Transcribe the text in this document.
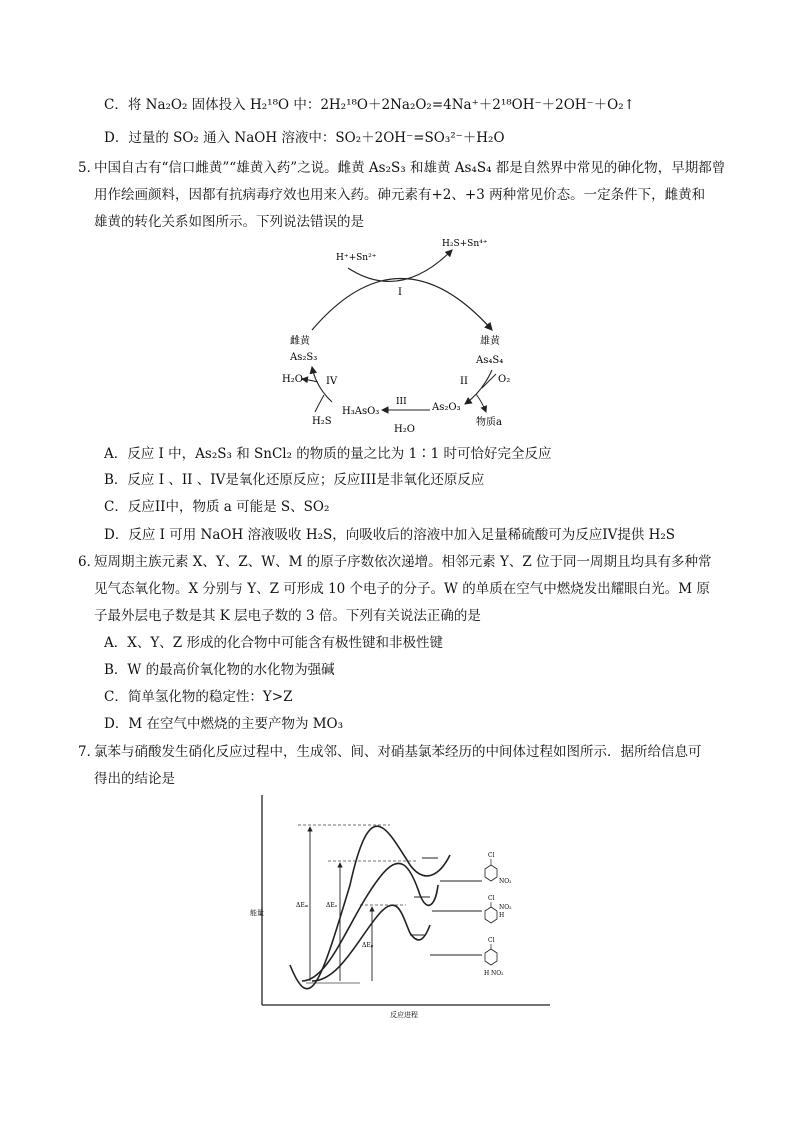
C．将 Na₂O₂ 固体投入 H₂¹⁸O 中：2H₂¹⁸O＋2Na₂O₂=4Na⁺＋2¹⁸OH⁻＋2OH⁻＋O₂↑
D．过量的 SO₂ 通入 NaOH 溶液中：SO₂＋2OH⁻=SO₃²⁻＋H₂O
5．
中国自古有“信口雌黄”“雄黄入药”之说。雌黄 As₂S₃ 和雄黄 As₄S₄ 都是自然界中常见的砷化物，早期都曾
用作绘画颜料，因都有抗病毒疗效也用来入药。砷元素有+2、+3 两种常见价态。一定条件下，雌黄和
雄黄的转化关系如图所示。下列说法错误的是
H⁺+Sn²⁺
H₂S+Sn⁴⁺
I
雌黄
As₂S₃
雄黄
As₄S₄
II	O₂
As₂O₃
物质a
III
H₃AsO₃
H₂O
IV
H₂O
H₂S
A．反应 I 中，As₂S₃ 和 SnCl₂ 的物质的量之比为 1∶1 时可恰好完全反应
B．反应 I 、II 、IV是氧化还原反应；反应III是非氧化还原反应
C．反应II中，物质 a 可能是 S、SO₂
D．反应 I 可用 NaOH 溶液吸收 H₂S，向吸收后的溶液中加入足量稀硫酸可为反应IV提供 H₂S
6．
短周期主族元素 X、Y、Z、W、M 的原子序数依次递增。相邻元素 Y、Z 位于同一周期且均具有多种常
见气态氧化物。X 分别与 Y、Z 可形成 10 个电子的分子。W 的单质在空气中燃烧发出耀眼白光。M 原
子最外层电子数是其 K 层电子数的 3 倍。下列有关说法正确的是
A．X、Y、Z 形成的化合物中可能含有极性键和非极性键
B．W 的最高价氧化物的水化物为强碱
C．简单氢化物的稳定性：Y>Z
D．M 在空气中燃烧的主要产物为 MO₃
7．
氯苯与硝酸发生硝化反应过程中，生成邻、间、对硝基氯苯经历的中间体过程如图所示．据所给信息可
得出的结论是
能量
反应进程
ΔEₘ	ΔEₒ
ΔEₚ
Cl
NO₂
Cl
NO₂
H
Cl
H NO₂
